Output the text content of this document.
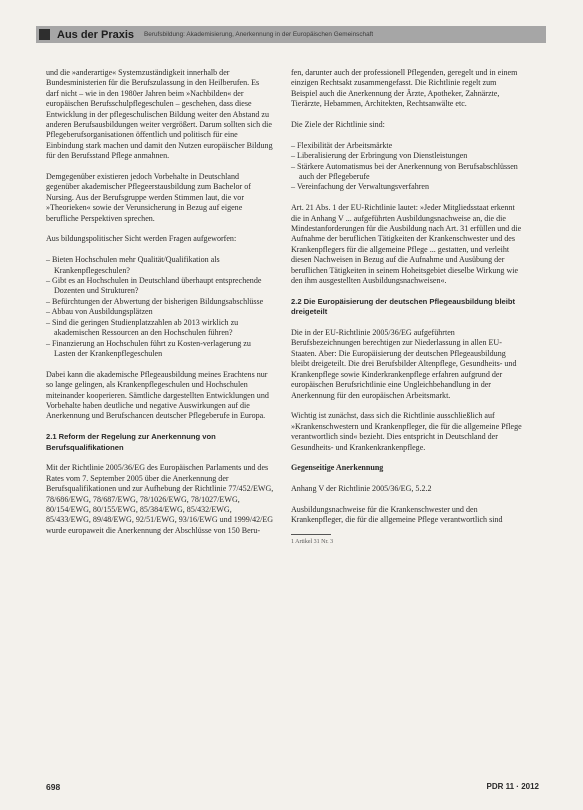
Aus der Praxis Berufsbildung: Akademisierung, Anerkennung in der Europäischen Gemeinschaft

und die »anderartige« Systemzuständigkeit innerhalb der Bundesministerien für die Berufszulassung in den Heilberufen. Es darf nicht – wie in den 1980er Jahren beim »Nachbilden« der europäischen Berufsschulpflegeschulen – geschehen, dass diese Entwicklung in der pflegeschulischen Bildung weiter den Abstand zu anderen Berufsausbildungen weiter vergrößert. Darum sollten sich die Pflegeberufsorganisationen öffentlich und politisch für eine Einbindung stark machen und damit den Nutzen europäischer Bildung für den Berufsstand Pflege anmahnen.

Demgegenüber existieren jedoch Vorbehalte in Deutschland gegenüber akademischer Pflegeerstausbildung zum Bachelor of Nursing. Aus der Berufsgruppe werden Stimmen laut, die vor »Theorieken« sowie der Verunsicherung in Bezug auf eigene berufliche Perspektiven sprechen.

Aus bildungspolitischer Sicht werden Fragen aufgeworfen:

– Bieten Hochschulen mehr Qualität/Qualifikation als Krankenpflegeschulen?
– Gibt es an Hochschulen in Deutschland überhaupt entsprechende Dozenten und Strukturen?
– Befürchtungen der Abwertung der bisherigen Bildungsabschlüsse
– Abbau von Ausbildungsplätzen
– Sind die geringen Studienplatzzahlen ab 2013 wirklich zu akademischen Ressourcen an den Hochschulen führen?
– Finanzierung an Hochschulen führt zu Kosten-verlagerung zu Lasten der Krankenpflegeschulen

Dabei kann die akademische Pflegeausbildung meines Erachtens nur so lange gelingen, als Krankenpflegeschulen und Hochschulen miteinander kooperieren. Sämtliche dargestellten Entwicklungen und Vorbehalte haben deutliche und negative Auswirkungen auf die Anerkennung und Berufschancen deutscher Pflegeberufe in Europa.

2.1 Reform der Regelung zur Anerkennung von Berufsqualifikationen

Mit der Richtlinie 2005/36/EG des Europäischen Parlaments und des Rates vom 7. September 2005 über die Anerkennung der Berufsqualifikationen und zur Aufhebung der Richtlinie 77/452/EWG, 78/686/EWG, 78/687/EWG, 78/1026/EWG, 78/1027/EWG, 80/154/EWG, 80/155/EWG, 85/384/EWG, 85/432/EWG, 85/433/EWG, 89/48/EWG, 92/51/EWG, 93/16/EWG und 1999/42/EG wurde europaweit die Anerkennung der Abschlüsse von 150 Beru-

fen, darunter auch der professionell Pflegenden, geregelt und in einem einzigen Rechtsakt zusammengefasst. Die Richtlinie regelt zum Beispiel auch die Anerkennung der Ärzte, Apotheker, Zahnärzte, Tierärzte, Hebammen, Architekten, Rechtsanwälte etc.

Die Ziele der Richtlinie sind:

– Flexibilität der Arbeitsmärkte
– Liberalisierung der Erbringung von Dienstleistungen
– Stärkere Automatismus bei der Anerkennung von Berufsabschlüssen auch der Pflegeberufe
– Vereinfachung der Verwaltungsverfahren

Art. 21 Abs. 1 der EU-Richtlinie lautet: »Jeder Mitgliedsstaat erkennt die in Anhang V ... aufgeführten Ausbildungsnachweise an, die die Mindestanforderungen für die Ausbildung nach Art. 31 erfüllen und die Aufnahme der beruflichen Tätigkeiten der Krankenschwester und des Krankenpflegers für die allgemeine Pflege ... gestatten, und verleiht diesen Nachweisen in Bezug auf die Aufnahme und Ausübung der beruflichen Tätigkeiten in seinem Hoheitsgebiet dieselbe Wirkung wie den ihm ausgestellten Ausbildungsnachweisen«.

2.2 Die Europäisierung der deutschen Pflegeausbildung bleibt dreigeteilt

Die in der EU-Richtlinie 2005/36/EG aufgeführten Berufsbezeichnungen berechtigen zur Niederlassung in allen EU-Staaten. Aber: Die Europäisierung der deutschen Pflegeausbildung bleibt dreigeteilt. Die drei Berufsbilder Altenpflege, Gesundheits- und Krankenpflege sowie Kinderkrankenpflege erfahren aufgrund der europäischen Berufsrichtlinie eine Ungleichbehandlung in der Anerkennung für den europäischen Arbeitsmarkt.

Wichtig ist zunächst, dass sich die Richtlinie ausschließlich auf »Krankenschwestern und Krankenpfleger, die für die allgemeine Pflege verantwortlich sind« bezieht. Dies entspricht in Deutschland der Gesundheits- und Krankenkrankenpflege.

Gegenseitige Anerkennung

Anhang V der Richtlinie 2005/36/EG, 5.2.2

Ausbildungsnachweise für die Krankenschwester und den Krankenpfleger, die für die allgemeine Pflege verantwortlich sind

1 Artikel 31 Nr. 3
698	PDR 11 · 2012
